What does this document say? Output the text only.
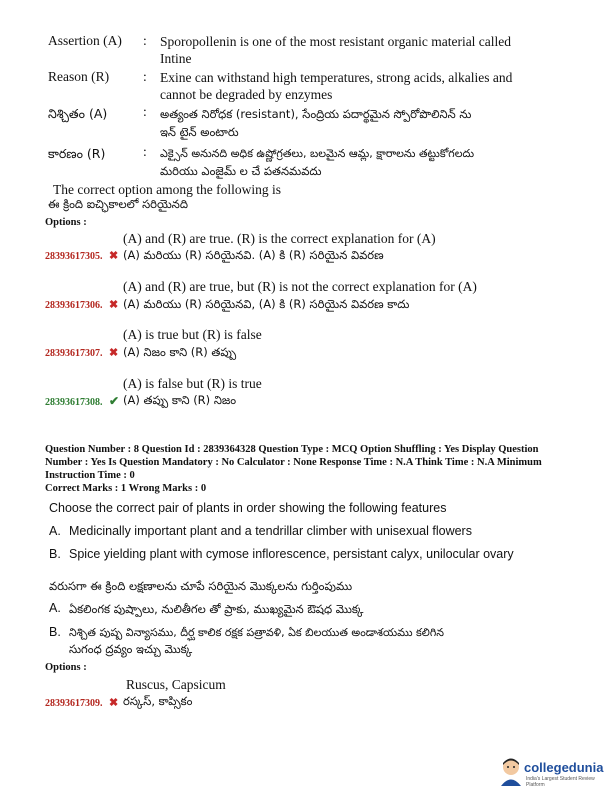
Assertion (A) : Sporopollenin is one of the most resistant organic material called
Intine
Reason (R)	: Exine can withstand high temperatures, strong acids, alkalies and
cannot be degraded by enzymes
నిశ్చితం (A)	: అత్యంత నిరోధక (resistant), సేంద్రియ పదార్థమైన స్పోరోపొలినిన్ ను
ఇన్ టైన్ అంటారు
కారణం (R)	: ఎక్సైన్ అనునది అధిక ఉష్ణోగ్రతలు, బలమైన ఆమ్ల, క్షారాలను తట్టుకోగలదు
మరియు ఎంజైమ్ ల చే పతనమవదు
The correct option among the following is
ఈ క్రింది ఐచ్ఛికాలలో సరియైనది
Options :
(A) and (R) are true. (R) is the correct explanation for (A)
28393617305. ✖ (A) మరియు (R) సరియైనవి. (A) కి (R) సరియైన వివరణ
(A) and (R) are true, but (R) is not the correct explanation for (A)
28393617306. ✖ (A) మరియు (R) సరియైనవి, (A) కి (R) సరియైన వివరణ కాదు
(A) is true but (R) is false
28393617307. ✖ (A) నిజం కాని (R) తప్పు
(A) is false but (R) is true
28393617308. ✔ (A) తప్పు కాని (R) నిజం
Question Number : 8 Question Id : 2839364328 Question Type : MCQ Option Shuffling : Yes Display Question
Number : Yes Is Question Mandatory : No Calculator : None Response Time : N.A Think Time : N.A Minimum
Instruction Time : 0
Correct Marks : 1 Wrong Marks : 0
Choose the correct pair of plants in order showing the following features
A. Medicinally important plant and a tendrillar climber with unisexual flowers
B. Spice yielding plant with cymose inflorescence, persistant calyx, unilocular ovary
వరుసగా ఈ క్రింది లక్షణాలను చూపే సరియైన మొక్కలను గుర్తింపుము
A. ఏకలింగక పుష్పాలు, నులితీగల తో ప్రాకు, ముఖ్యమైన ఔషధ మొక్క
B. నిశ్చిత పుష్ప విన్యాసము, దీర్ఘ కాలిక రక్షక పత్రావళి, ఏక బిలయుత అండాశయము కలిగిన
సుగంధ ద్రవ్యం ఇచ్చు మొక్క
Options :
Ruscus, Capsicum
28393617309. ✖ రస్కస్, కాప్సికం
collegedunia
India's Largest Student Review Platform
